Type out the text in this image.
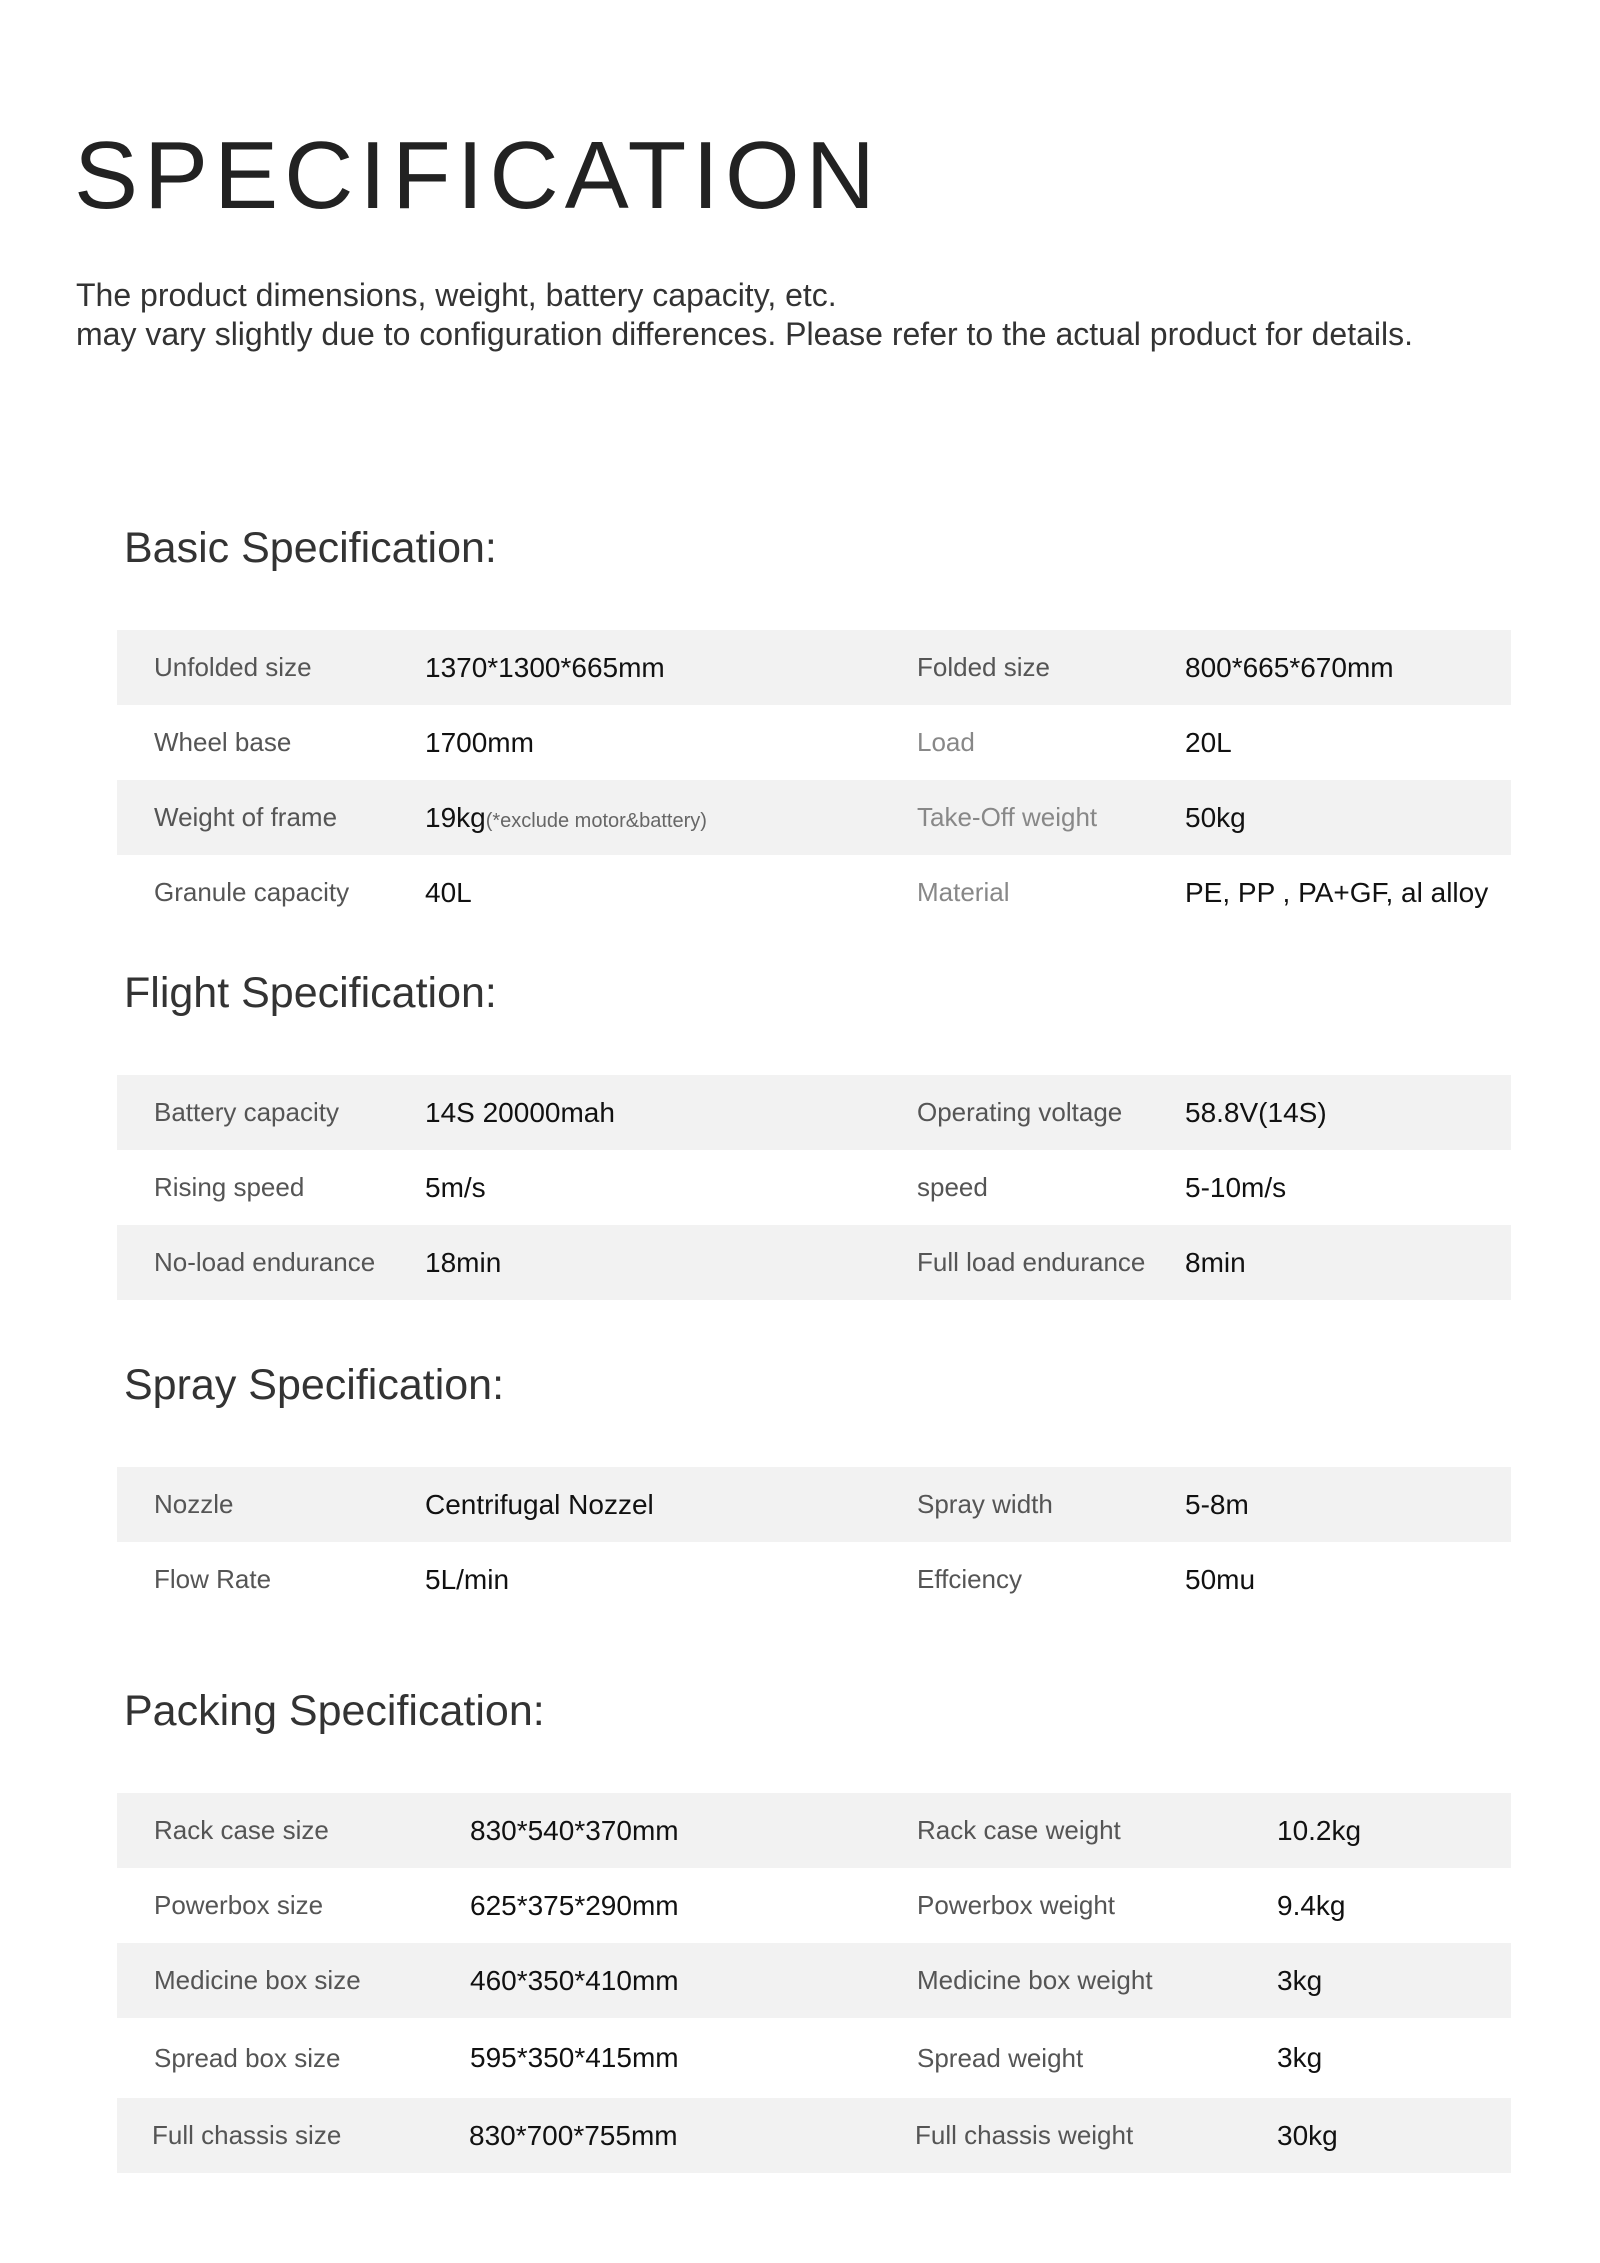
SPECIFICATION
The product dimensions, weight, battery capacity, etc.
may vary slightly due to configuration differences. Please refer to the actual product for details.
Basic Specification:
Unfolded size	1370*1300*665mm	Folded size	800*665*670mm
Wheel base	1700mm	Load	20L
Weight of frame	19kg(*exclude motor&battery)	Take-Off weight	50kg
Granule capacity	40L	Material	PE, PP , PA+GF, al alloy
Flight Specification:
Battery capacity	14S 20000mah	Operating voltage 58.8V(14S)
Rising speed	5m/s	speed	5-10m/s
No-load endurance 18min	Full load endurance 8min
Spray Specification:
Nozzle	Centrifugal Nozzel	Spray width	5-8m
Flow Rate	5L/min	Effciency	50mu
Packing Specification:
Rack case size	830*540*370mm	Rack case weight	10.2kg
Powerbox size	625*375*290mm	Powerbox weight	9.4kg
Medicine box size	460*350*410mm	Medicine box weight	3kg
Spread box size	595*350*415mm	Spread weight	3kg
Full chassis size	830*700*755mm	Full chassis weight	30kg
